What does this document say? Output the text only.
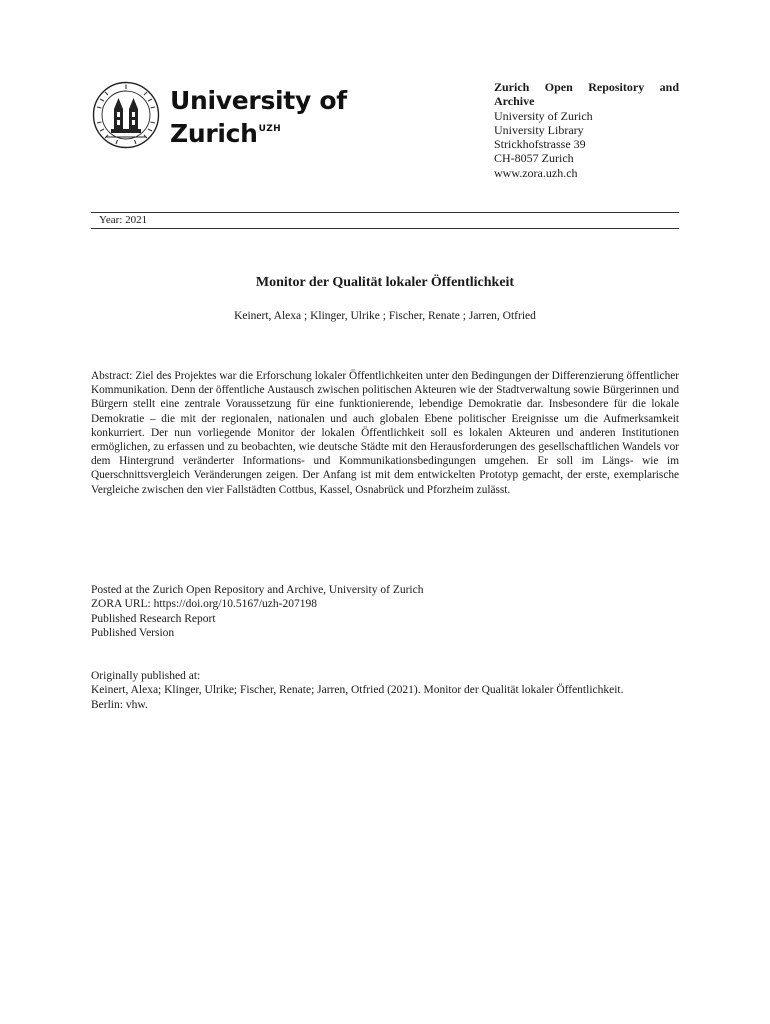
University of
Zurich$^{UZH}$
Zurich Open Repository and Archive
University of Zurich
University Library
Strickhofstrasse 39
CH-8057 Zurich
www.zora.uzh.ch
Year: 2021
Monitor der Qualität lokaler Öffentlichkeit
Keinert, Alexa ; Klinger, Ulrike ; Fischer, Renate ; Jarren, Otfried
Abstract: Ziel des Projektes war die Erforschung lokaler Öffentlichkeiten unter den Bedingungen der Differenzierung öffentlicher Kommunikation. Denn der öffentliche Austausch zwischen politischen Akteuren wie der Stadtverwaltung sowie Bürgerinnen und Bürgern stellt eine zentrale Voraussetzung für eine funktionierende, lebendige Demokratie dar. Insbesondere für die lokale Demokratie – die mit der regionalen, nationalen und auch globalen Ebene politischer Ereignisse um die Aufmerksamkeit konkurriert. Der nun vorliegende Monitor der lokalen Öffentlichkeit soll es lokalen Akteuren und anderen Institutionen ermöglichen, zu erfassen und zu beobachten, wie deutsche Städte mit den Herausforderungen des gesellschaftlichen Wandels vor dem Hintergrund veränderter Informations- und Kommunikationsbedingungen umgehen. Er soll im Längs- wie im Querschnittsvergleich Veränderungen zeigen. Der Anfang ist mit dem entwickelten Prototyp gemacht, der erste, exemplarische Vergleiche zwischen den vier Fallstädten Cottbus, Kassel, Osnabrück und Pforzheim zulässt.
Posted at the Zurich Open Repository and Archive, University of Zurich
ZORA URL: https://doi.org/10.5167/uzh-207198
Published Research Report
Published Version
Originally published at:
Keinert, Alexa; Klinger, Ulrike; Fischer, Renate; Jarren, Otfried (2021). Monitor der Qualität lokaler Öffentlichkeit.
Berlin: vhw.
